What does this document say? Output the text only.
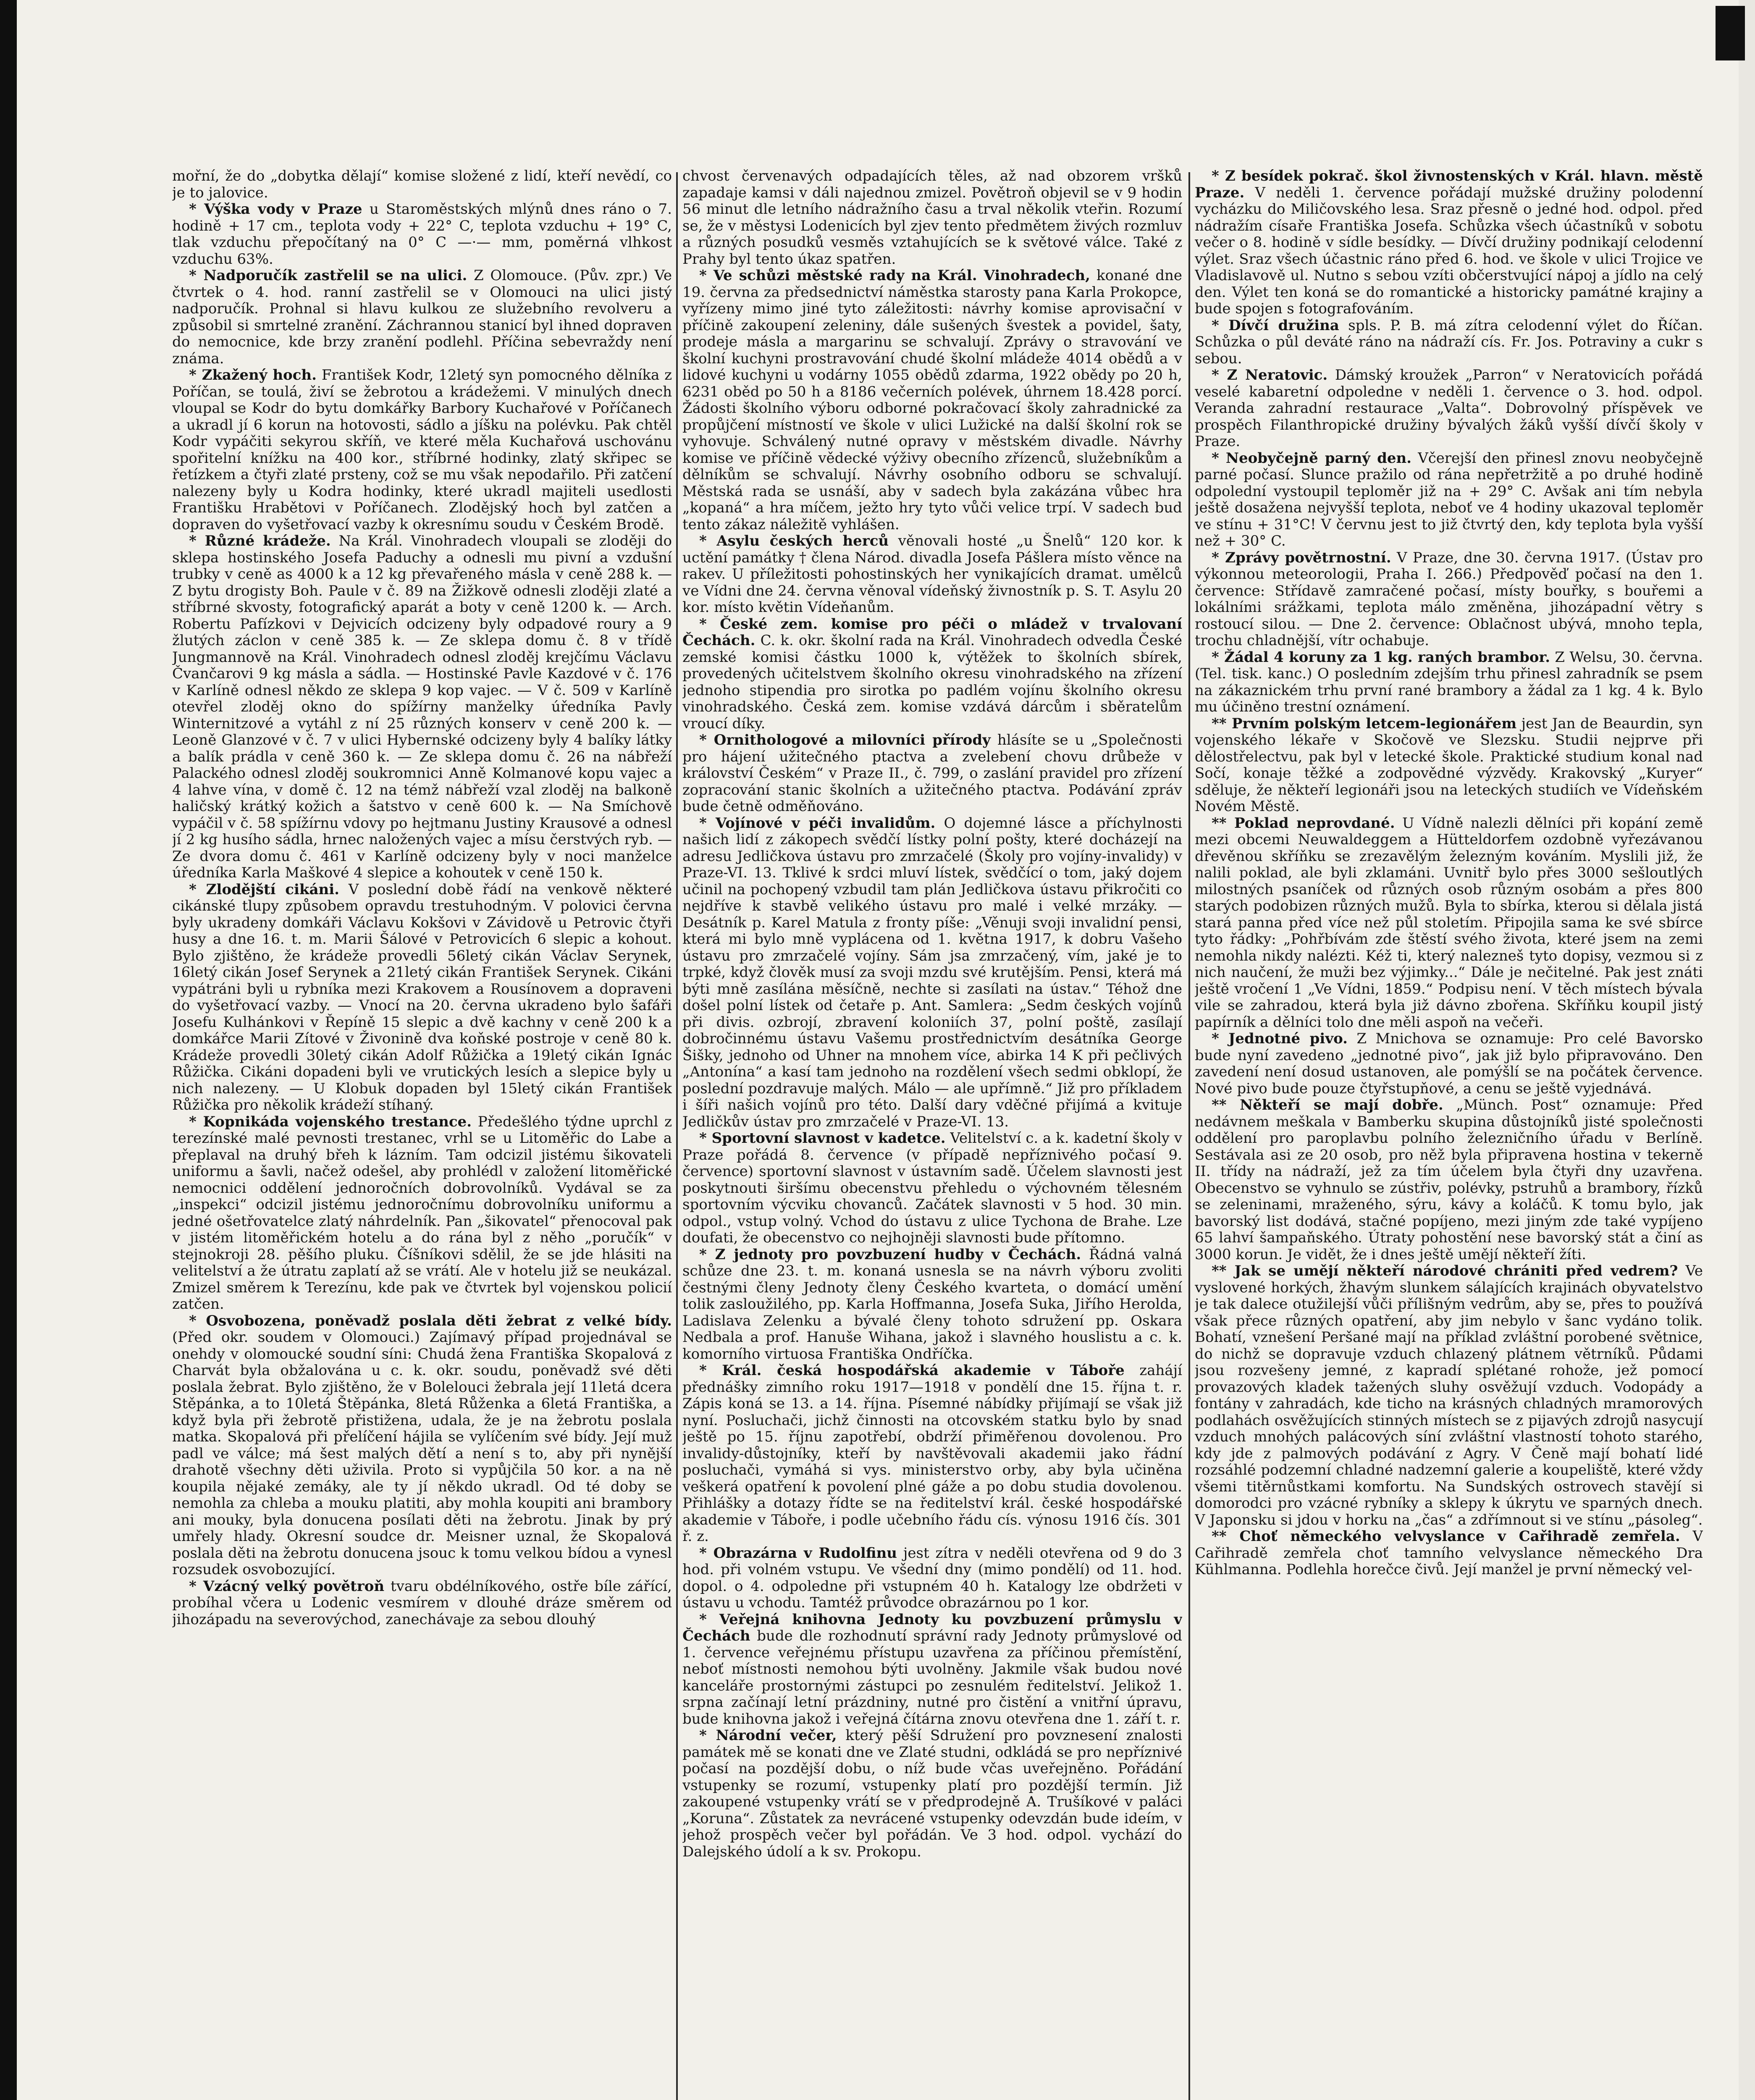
mořní, že do „dobytka dělají“ komise složené z lidí, kteří nevědí, co je to jalovice.

* Výška vody v Praze u Staroměstských mlýnů dnes ráno o 7. hodině + 17 cm., teplota vody + 22° C, teplota vzduchu + 19° C, tlak vzduchu přepočítaný na 0° C —·— mm, poměrná vlhkost vzduchu 63%.

* Nadporučík zastřelil se na ulici. Z Olomouce. (Pův. zpr.) Ve čtvrtek o 4. hod. ranní zastřelil se v Olomouci na ulici jistý nadporučík. Prohnal si hlavu kulkou ze služebního revolveru a způsobil si smrtelné zranění. Záchrannou stanicí byl ihned dopraven do nemocnice, kde brzy zranění podlehl. Příčina sebevraždy není známa.

* Zkažený hoch. František Kodr, 12letý syn pomocného dělníka z Poříčan, se toulá, živí se žebrotou a krádežemi. V minulých dnech vloupal se Kodr do bytu domkářky Barbory Kuchařové v Poříčanech a ukradl jí 6 korun na hotovosti, sádlo a jíšku na polévku. Pak chtěl Kodr vypáčiti sekyrou skříň, ve které měla Kuchařová uschovánu spořitelní knížku na 400 kor., stříbrné hodinky, zlatý skřipec se řetízkem a čtyři zlaté prsteny, což se mu však nepodařilo. Při zatčení nalezeny byly u Kodra hodinky, které ukradl majiteli usedlosti Františku Hrabětovi v Poříčanech. Zlodějský hoch byl zatčen a dopraven do vyšetřovací vazby k okresnímu soudu v Českém Brodě.

* Různé krádeže. Na Král. Vinohradech vloupali se zloději do sklepa hostinského Josefa Paduchy a odnesli mu pivní a vzdušní trubky v ceně as 4000 k a 12 kg převařeného másla v ceně 288 k. — Z bytu drogisty Boh. Paule v č. 89 na Žižkově odnesli zloději zlaté a stříbrné skvosty, fotografický aparát a boty v ceně 1200 k. — Arch. Robertu Pafízkovi v Dejvicích odcizeny byly odpadové roury a 9 žlutých záclon v ceně 385 k. — Ze sklepa domu č. 8 v třídě Jungmannově na Král. Vinohradech odnesl zloděj krejčímu Václavu Čvančarovi 9 kg másla a sádla. — Hostinské Pavle Kazdové v č. 176 v Karlíně odnesl někdo ze sklepa 9 kop vajec. — V č. 509 v Karlíně otevřel zloděj okno do spížírny manželky úředníka Pavly Winternitzové a vytáhl z ní 25 různých konserv v ceně 200 k. — Leoně Glanzové v č. 7 v ulici Hybernské odcizeny byly 4 balíky látky a balík prádla v ceně 360 k. — Ze sklepa domu č. 26 na nábřeží Palackého odnesl zloděj soukromnici Anně Kolmanové kopu vajec a 4 lahve vína, v domě č. 12 na témž nábřeží vzal zloděj na balkoně haličský krátký kožich a šatstvo v ceně 600 k. — Na Smíchově vypáčil v č. 58 spížírnu vdovy po hejtmanu Justiny Krausové a odnesl jí 2 kg husího sádla, hrnec naložených vajec a mísu čerstvých ryb. — Ze dvora domu č. 461 v Karlíně odcizeny byly v noci manželce úředníka Karla Maškové 4 slepice a kohoutek v ceně 150 k.

* Zlodějští cikáni. V poslední době řádí na venkově některé cikánské tlupy způsobem opravdu trestuhodným. V polovici června byly ukradeny domkáři Václavu Kokšovi v Závidově u Petrovic čtyři husy a dne 16. t. m. Marii Šálové v Petrovicích 6 slepic a kohout. Bylo zjištěno, že krádeže provedli 56letý cikán Václav Serynek, 16letý cikán Josef Serynek a 21letý cikán František Serynek. Cikáni vypátráni byli u rybníka mezi Krakovem a Rousínovem a dopraveni do vyšetřovací vazby. — Vnocí na 20. června ukradeno bylo šafáři Josefu Kulhánkovi v Řepíně 15 slepic a dvě kachny v ceně 200 k a domkářce Marii Zítové v Živonině dva koňské postroje v ceně 80 k. Krádeže provedli 30letý cikán Adolf Růžička a 19letý cikán Ignác Růžička. Cikáni dopadeni byli ve vrutických lesích a slepice byly u nich nalezeny. — U Klobuk dopaden byl 15letý cikán František Růžička pro několik krádeží stíhaný.

* Kopnikáda vojenského trestance. Předešlého týdne uprchl z terezínské malé pevnosti trestanec, vrhl se u Litoměřic do Labe a přeplaval na druhý břeh k lázním. Tam odcizil jistému šikovateli uniformu a šavli, načež odešel, aby prohlédl v založení litoměřické nemocnici oddělení jednoročních dobrovolníků. Vydával se za „inspekci“ odcizil jistému jednoročnímu dobrovolníku uniformu a jedné ošetřovatelce zlatý náhrdelník. Pan „šikovatel“ přenocoval pak v jistém litoměřickém hotelu a do rána byl z něho „poručík“ v stejnokroji 28. pěšího pluku. Číšníkovi sdělil, že se jde hlásiti na velitelství a že útratu zaplatí až se vrátí. Ale v hotelu již se neukázal. Zmizel směrem k Terezínu, kde pak ve čtvrtek byl vojenskou policií zatčen.

* Osvobozena, poněvadž poslala děti žebrat z velké bídy. (Před okr. soudem v Olomouci.) Zajímavý případ projednával se onehdy v olomoucké soudní síni: Chudá žena Františka Skopalová z Charvát byla obžalována u c. k. okr. soudu, poněvadž své děti poslala žebrat. Bylo zjištěno, že v Bolelouci žebrala její 11letá dcera Stěpánka, a to 10letá Štěpánka, 8letá Růženka a 6letá Františka, a když byla při žebrotě přistižena, udala, že je na žebrotu poslala matka. Skopalová při přelíčení hájila se vylíčením své bídy. Její muž padl ve válce; má šest malých dětí a není s to, aby při nynější drahotě všechny děti uživila. Proto si vypůjčila 50 kor. a na ně koupila nějaké zemáky, ale ty jí někdo ukradl. Od té doby se nemohla za chleba a mouku platiti, aby mohla koupiti ani brambory ani mouky, byla donucena posílati děti na žebrotu. Jinak by prý umřely hlady. Okresní soudce dr. Meisner uznal, že Skopalová poslala děti na žebrotu donucena jsouc k tomu velkou bídou a vynesl rozsudek osvobozující.

* Vzácný velký povětroň tvaru obdélníkového, ostře bíle zářící, probíhal včera u Lodenic vesmírem v dlouhé dráze směrem od jihozápadu na severovýchod, zanechávaje za sebou dlouhý

chvost červenavých odpadajících těles, až nad obzorem vršků zapadaje kamsi v dáli najednou zmizel. Povětroň objevil se v 9 hodin 56 minut dle letního nádražního času a trval několik vteřin. Rozumí se, že v městysi Lodenicích byl zjev tento předmětem živých rozmluv a různých posudků vesměs vztahujících se k světové válce. Také z Prahy byl tento úkaz spatřen.

* Ve schůzi městské rady na Král. Vinohradech, konané dne 19. června za předsednictví náměstka starosty pana Karla Prokopce, vyřízeny mimo jiné tyto záležitosti: návrhy komise aprovisační v příčině zakoupení zeleniny, dále sušených švestek a povidel, šaty, prodeje másla a margarinu se schvalují. Zprávy o stravování ve školní kuchyni prostravování chudé školní mládeže 4014 obědů a v lidové kuchyni u vodárny 1055 obědů zdarma, 1922 obědy po 20 h, 6231 oběd po 50 h a 8186 večerních polévek, úhrnem 18.428 porcí. Žádosti školního výboru odborné pokračovací školy zahradnické za propůjčení místností ve škole v ulici Lužické na další školní rok se vyhovuje. Schválený nutné opravy v městském divadle. Návrhy komise ve příčině vědecké výživy obecního zřízenců, služebníkům a dělníkům se schvalují. Návrhy osobního odboru se schvalují. Městská rada se usnáší, aby v sadech byla zakázána vůbec hra „kopaná“ a hra míčem, ježto hry tyto vůči velice trpí. V sadech bud tento zákaz náležitě vyhlášen.

* Asylu českých herců věnovali hosté „u Šnelů“ 120 kor. k uctění památky † člena Národ. divadla Josefa Pášlera místo věnce na rakev. U příležitosti pohostinských her vynikajících dramat. umělců ve Vídni dne 24. června věnoval vídeňský živnostník p. S. T. Asylu 20 kor. místo květin Vídeňanům.

* České zem. komise pro péči o mládež v trvalovaní Čechách. C. k. okr. školní rada na Král. Vinohradech odvedla České zemské komisi částku 1000 k, výtěžek to školních sbírek, provedených učitelstvem školního okresu vinohradského na zřízení jednoho stipendia pro sirotka po padlém vojínu školního okresu vinohradského. Česká zem. komise vzdává dárcům i sběratelům vroucí díky.

* Ornithologové a milovníci přírody hlásíte se u „Společnosti pro hájení užitečného ptactva a zvelebení chovu drůbeže v království Českém“ v Praze II., č. 799, o zaslání pravidel pro zřízení zopracování stanic školních a užitečného ptactva. Podávání zpráv bude četně odměňováno.

* Vojínové v péči invalidům. O dojemné lásce a příchylnosti našich lidí z zákopech svědčí lístky polní pošty, které docházejí na adresu Jedličkova ústavu pro zmrzačelé (Školy pro vojíny-invalidy) v Praze-VI. 13. Tklivé k srdci mluví lístek, svědčící o tom, jaký dojem učinil na pochopený vzbudil tam plán Jedličkova ústavu přikročiti co nejdříve k stavbě velikého ústavu pro malé i velké mrzáky. — Desátník p. Karel Matula z fronty píše: „Věnuji svoji invalidní pensi, která mi bylo mně vyplácena od 1. května 1917, k dobru Vašeho ústavu pro zmrzačelé vojíny. Sám jsa zmrzačený, vím, jaké je to trpké, když člověk musí za svoji mzdu své krutějším. Pensi, která má býti mně zasílána měsíčně, nechte si zasílati na ústav.“ Téhož dne došel polní lístek od četaře p. Ant. Samlera: „Sedm českých vojínů při divis. ozbrojí, zbravení koloniích 37, polní poště, zasílají dobročinnému ústavu Vašemu prostřednictvím desátníka George Šišky, jednoho od Uhner na mnohem více, abirka 14 K při pečlivých „Antonína“ a kasí tam jednoho na rozdělení všech sedmi obklopí, že poslední pozdravuje malých. Málo — ale upřímně.“ Již pro příkladem i šíři našich vojínů pro této. Další dary vděčné přijímá a kvituje Jedličkův ústav pro zmrzačelé v Praze-VI. 13.

* Sportovní slavnost v kadetce. Velitelství c. a k. kadetní školy v Praze pořádá 8. července (v případě nepříznivého počasí 9. července) sportovní slavnost v ústavním sadě. Účelem slavnosti jest poskytnouti širšímu obecenstvu přehledu o výchovném tělesném sportovním výcviku chovanců. Začátek slavnosti v 5 hod. 30 min. odpol., vstup volný. Vchod do ústavu z ulice Tychona de Brahe. Lze doufati, že obecenstvo co nejhojněji slavnosti bude přítomno.

* Z jednoty pro povzbuzení hudby v Čechách. Řádná valná schůze dne 23. t. m. konaná usnesla se na návrh výboru zvoliti čestnými členy Jednoty členy Českého kvarteta, o domácí umění tolik zasloužilého, pp. Karla Hoffmanna, Josefa Suka, Jiřího Herolda, Ladislava Zelenku a bývalé členy tohoto sdružení pp. Oskara Nedbala a prof. Hanuše Wihana, jakož i slavného houslistu a c. k. komorního virtuosa Františka Ondříčka.

* Král. česká hospodářská akademie v Táboře zahájí přednášky zimního roku 1917—1918 v pondělí dne 15. října t. r. Zápis koná se 13. a 14. října. Písemné nábídky přijímají se však již nyní. Posluchači, jichž činnosti na otcovském statku bylo by snad ještě po 15. říjnu zapotřebí, obdrží přiměřenou dovolenou. Pro invalidy-důstojníky, kteří by navštěvovali akademii jako řádní posluchači, vymáhá si vys. ministerstvo orby, aby byla učiněna veškerá opatření k povolení plné gáže a po dobu studia dovolenou. Přihlášky a dotazy řídte se na ředitelství král. české hospodářské akademie v Táboře, i podle učebního řádu cís. výnosu 1916 čís. 301 ř. z.

* Obrazárna v Rudolfinu jest zítra v neděli otevřena od 9 do 3 hod. při volném vstupu. Ve všední dny (mimo pondělí) od 11. hod. dopol. o 4. odpoledne při vstupném 40 h. Katalogy lze obdržeti v ústavu u vchodu. Tamtéž průvodce obrazárnou po 1 kor.

* Veřejná knihovna Jednoty ku povzbuzení průmyslu v Čechách bude dle rozhodnutí správní rady Jednoty průmyslové od 1. července veřejnému přístupu uzavřena za příčinou přemístění, neboť místnosti nemohou býti uvolněny. Jakmile však budou nové kanceláře prostornými zástupci po zesnulém ředitelství. Jelikož 1. srpna začínají letní prázdniny, nutné pro čistění a vnitřní úpravu, bude knihovna jakož i veřejná čítárna znovu otevřena dne 1. září t. r.

* Národní večer, který pěší Sdružení pro povznesení znalosti památek mě se konati dne ve Zlaté studni, odkládá se pro nepříznivé počasí na pozdější dobu, o níž bude včas uveřejněno. Pořádání vstupenky se rozumí, vstupenky platí pro pozdější termín. Již zakoupené vstupenky vrátí se v předprodejně A. Trušíkové v paláci „Koruna“. Zůstatek za nevrácené vstupenky odevzdán bude ideím, v jehož prospěch večer byl pořádán. Ve 3 hod. odpol. vychází do Dalejského údolí a k sv. Prokopu.

* Z besídek pokrač. škol živnostenských v Král. hlavn. městě Praze. V neděli 1. července pořádají mužské družiny polodenní vycházku do Miličovského lesa. Sraz přesně o jedné hod. odpol. před nádražím císaře Františka Josefa. Schůzka všech účastníků v sobotu večer o 8. hodině v sídle besídky. — Dívčí družiny podnikají celodenní výlet. Sraz všech účastnic ráno před 6. hod. ve škole v ulici Trojice ve Vladislavově ul. Nutno s sebou vzíti občerstvující nápoj a jídlo na celý den. Výlet ten koná se do romantické a historicky památné krajiny a bude spojen s fotografováním.

* Dívčí družina spls. P. B. má zítra celodenní výlet do Říčan. Schůzka o půl deváté ráno na nádraží cís. Fr. Jos. Potraviny a cukr s sebou.

* Z Neratovic. Dámský kroužek „Parron“ v Neratovicích pořádá veselé kabaretní odpoledne v neděli 1. července o 3. hod. odpol. Veranda zahradní restaurace „Valta“. Dobrovolný příspěvek ve prospěch Filanthropické družiny bývalých žáků vyšší dívčí školy v Praze.

* Neobyčejně parný den. Včerejší den přinesl znovu neobyčejně parné počasí. Slunce pražilo od rána nepřetržitě a po druhé hodině odpolední vystoupil teploměr již na + 29° C. Avšak ani tím nebyla ještě dosažena nejvyšší teplota, neboť ve 4 hodiny ukazoval teploměr ve stínu + 31°C! V červnu jest to již čtvrtý den, kdy teplota byla vyšší než + 30° C.

* Zprávy povětrnostní. V Praze, dne 30. června 1917. (Ústav pro výkonnou meteorologii, Praha I. 266.) Předpověď počasí na den 1. července: Střídavě zamračené počasí, místy bouřky, s bouřemi a lokálními srážkami, teplota málo změněna, jihozápadní větry s rostoucí silou. — Dne 2. července: Oblačnost ubývá, mnoho tepla, trochu chladnější, vítr ochabuje.

* Žádal 4 koruny za 1 kg. raných brambor. Z Welsu, 30. června. (Tel. tisk. kanc.) O posledním zdejším trhu přinesl zahradník se psem na zákaznickém trhu první rané brambory a žádal za 1 kg. 4 k. Bylo mu účiněno trestní oznámení.

** Prvním polským letcem-legionářem jest Jan de Beaurdin, syn vojenského lékaře v Skočově ve Slezsku. Studii nejprve při dělostřelectvu, pak byl v letecké škole. Praktické studium konal nad Sočí, konaje těžké a zodpovědné výzvědy. Krakovský „Kuryer“ sděluje, že někteří legionáři jsou na leteckých studiích ve Vídeňském Novém Městě.

** Poklad neprovdané. U Vídně nalezli dělníci při kopání země mezi obcemi Neuwaldeggem a Hütteldorfem ozdobně vyřezávanou dřevěnou skříňku se zrezavělým železným kováním. Myslili již, že nalili poklad, ale byli zklamáni. Uvnitř bylo přes 3000 sešloutlých milostných psaníček od různých osob různým osobám a přes 800 starých podobizen různých mužů. Byla to sbírka, kterou si dělala jistá stará panna před více než půl stoletím. Připojila sama ke své sbírce tyto řádky: „Pohřbívám zde štěstí svého života, které jsem na zemi nemohla nikdy nalézti. Kéž ti, který nalezneš tyto dopisy, vezmou si z nich naučení, že muži bez výjimky...“ Dále je nečitelné. Pak jest znáti ještě vročení 1 „Ve Vídni, 1859.“ Podpisu není. V těch místech bývala vile se zahradou, která byla již dávno zbořena. Skříňku koupil jistý papírník a dělníci tolo dne měli aspoň na večeři.

* Jednotné pivo. Z Mnichova se oznamuje: Pro celé Bavorsko bude nyní zavedeno „jednotné pivo“, jak již bylo připravováno. Den zavedení není dosud ustanoven, ale pomýšlí se na počátek července. Nové pivo bude pouze čtyřstupňové, a cenu se ještě vyjednává.

** Někteří se mají dobře. „Münch. Post“ oznamuje: Před nedávnem meškala v Bamberku skupina důstojníků jisté společnosti oddělení pro paroplavbu polního železničního úřadu v Berlíně. Sestávala asi ze 20 osob, pro něž byla připravena hostina v tekerně II. třídy na nádraží, jež za tím účelem byla čtyři dny uzavřena. Obecenstvo se vyhnulo se zústřiv, polévky, pstruhů a brambory, řízků se zeleninami, mraženého, sýru, kávy a koláčů. K tomu bylo, jak bavorský list dodává, stačné popíjeno, mezi jiným zde také vypíjeno 65 lahví šampaňského. Útraty pohostění nese bavorský stát a činí as 3000 korun. Je vidět, že i dnes ještě umějí někteří žíti.

** Jak se umějí někteří národové chrániti před vedrem? Ve vyslovené horkých, žhavým slunkem sálajících krajinách obyvatelstvo je tak dalece otužilejší vůči přílišným vedrům, aby se, přes to používá však přece různých opatření, aby jim nebylo v šanc vydáno tolik. Bohatí, vznešení Peršané mají na příklad zvláštní porobené světnice, do nichž se dopravuje vzduch chlazený plátnem větrníků. Půdami jsou rozvešeny jemné, z kapradí splétané rohože, jež pomocí provazových kladek tažených sluhy osvěžují vzduch. Vodopády a fontány v zahradách, kde ticho na krásných chladných mramorových podlahách osvěžujících stinných místech se z pijavých zdrojů nasycují vzduch mnohých palácových síní zvláštní vlastností tohoto starého, kdy jde z palmových podávání z Agry. V Čeně mají bohatí lidé rozsáhlé podzemní chladné nadzemní galerie a koupeliště, které vždy všemi titěrnůstkami komfortu. Na Sundských ostrovech stavějí si domorodci pro vzácné rybníky a sklepy k úkrytu ve sparných dnech. V Japonsku si jdou v horku na „čas“ a zdřímnout si ve stínu „pásoleg“.

** Choť německého velvyslance v Cařihradě zemřela. V Cařihradě zemřela choť tamního velvyslance německého Dra Kühlmanna. Podlehla horečce čivů. Její manžel je první německý vel-
